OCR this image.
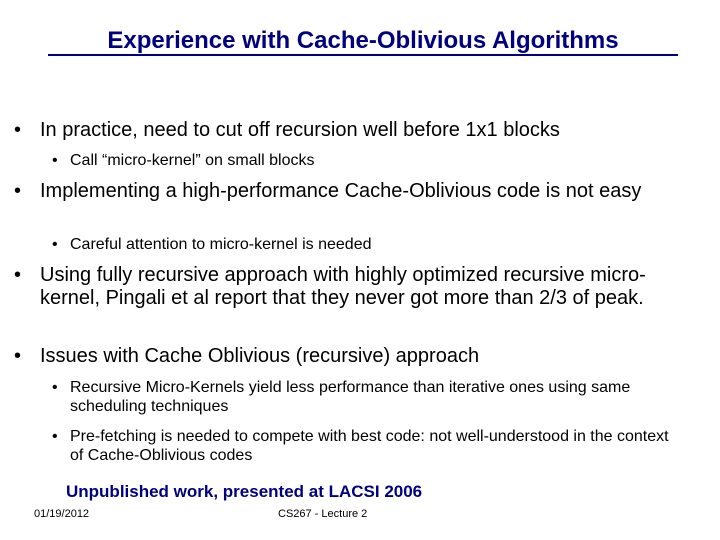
Experience with Cache-Oblivious Algorithms
• In practice, need to cut off recursion well before 1x1 blocks
• Call “micro-kernel” on small blocks
• Implementing a high-performance Cache-Oblivious code is not easy
• Careful attention to micro-kernel is needed
• Using fully recursive approach with highly optimized recursive micro-kernel, Pingali et al report that they never got more than 2/3 of peak.
• Issues with Cache Oblivious (recursive) approach
• Recursive Micro-Kernels yield less performance than iterative ones using same scheduling techniques
• Pre-fetching is needed to compete with best code: not well-understood in the context of Cache-Oblivious codes
Unpublished work, presented at LACSI 2006
01/19/2012	CS267 - Lecture 2
